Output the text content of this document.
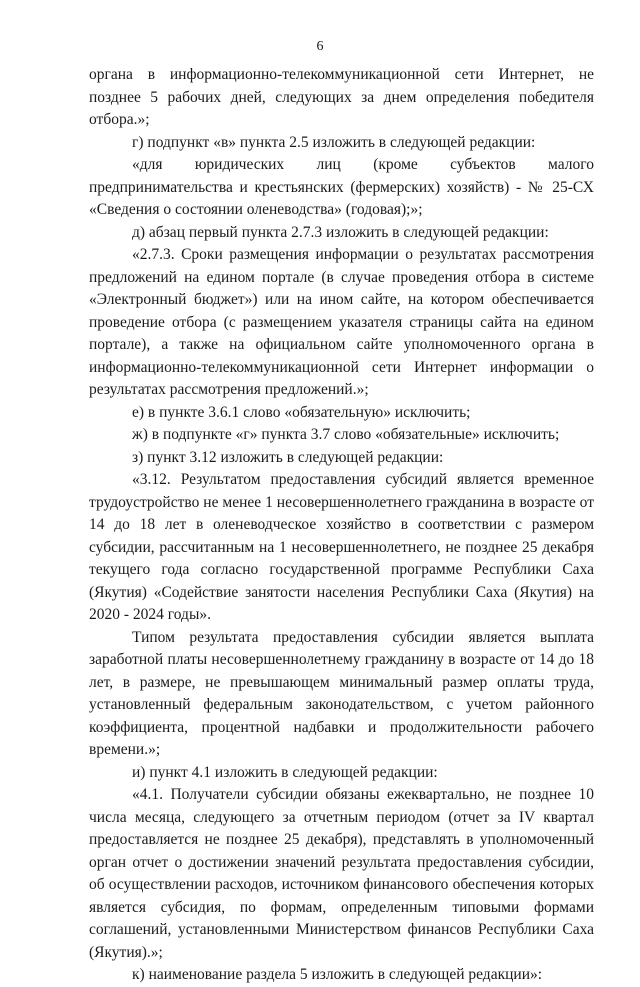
6

органа в информационно-телекоммуникационной сети Интернет, не позднее 5 рабочих дней, следующих за днем определения победителя отбора.»;

г) подпункт «в» пункта 2.5 изложить в следующей редакции:

«для юридических лиц (кроме субъектов малого предпринимательства и крестьянских (фермерских) хозяйств) - № 25-СХ «Сведения о состоянии оленеводства» (годовая);»;

д) абзац первый пункта 2.7.3 изложить в следующей редакции:

«2.7.3. Сроки размещения информации о результатах рассмотрения предложений на едином портале (в случае проведения отбора в системе «Электронный бюджет») или на ином сайте, на котором обеспечивается проведение отбора (с размещением указателя страницы сайта на едином портале), а также на официальном сайте уполномоченного органа в информационно-телекоммуникационной сети Интернет информации о результатах рассмотрения предложений.»;

е) в пункте 3.6.1 слово «обязательную» исключить;

ж) в подпункте «г» пункта 3.7 слово «обязательные» исключить;

з) пункт 3.12 изложить в следующей редакции:

«3.12. Результатом предоставления субсидий является временное трудоустройство не менее 1 несовершеннолетнего гражданина в возрасте от 14 до 18 лет в оленеводческое хозяйство в соответствии с размером субсидии, рассчитанным на 1 несовершеннолетнего, не позднее 25 декабря текущего года согласно государственной программе Республики Саха (Якутия) «Содействие занятости населения Республики Саха (Якутия) на 2020 - 2024 годы».

Типом результата предоставления субсидии является выплата заработной платы несовершеннолетнему гражданину в возрасте от 14 до 18 лет, в размере, не превышающем минимальный размер оплаты труда, установленный федеральным законодательством, с учетом районного коэффициента, процентной надбавки и продолжительности рабочего времени.»;

и) пункт 4.1 изложить в следующей редакции:

«4.1. Получатели субсидии обязаны ежеквартально, не позднее 10 числа месяца, следующего за отчетным периодом (отчет за IV квартал предоставляется не позднее 25 декабря), представлять в уполномоченный орган отчет о достижении значений результата предоставления субсидии, об осуществлении расходов, источником финансового обеспечения которых является субсидия, по формам, определенным типовыми формами соглашений, установленными Министерством финансов Республики Саха (Якутия).»;

к) наименование раздела 5 изложить в следующей редакции»:
